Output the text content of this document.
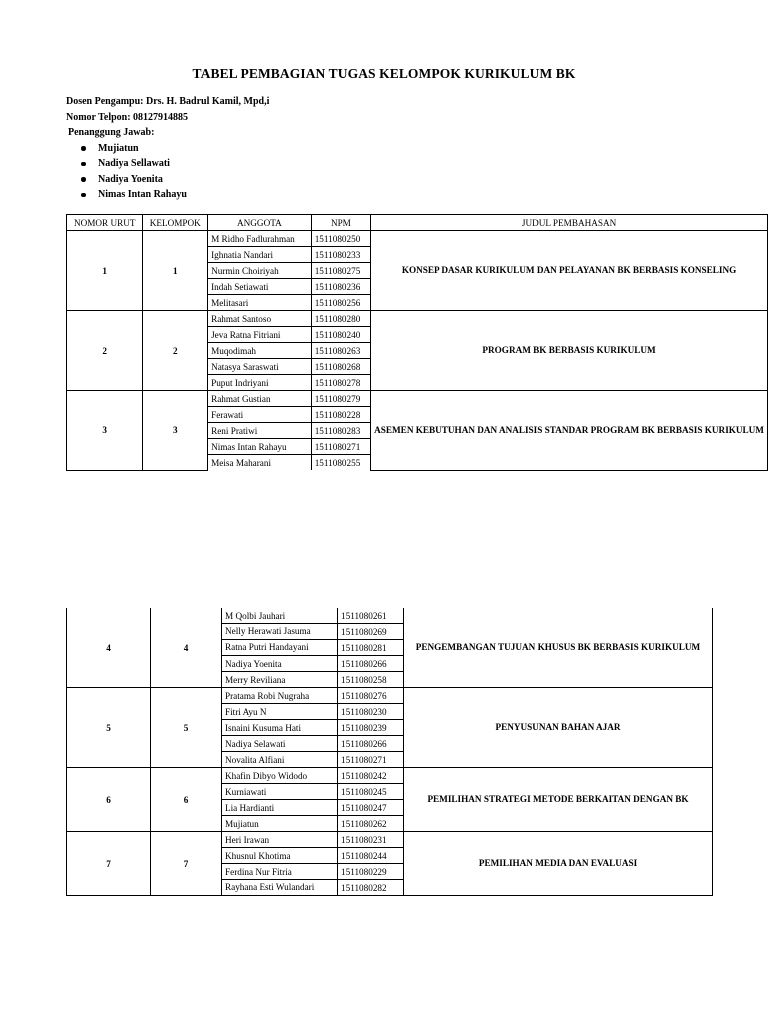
TABEL PEMBAGIAN TUGAS KELOMPOK KURIKULUM BK
Dosen Pengampu: Drs. H. Badrul Kamil, Mpd,i
Nomor Telpon: 08127914885
Penanggung Jawab:
Mujiatun
Nadiya Sellawati
Nadiya Yoenita
Nimas Intan Rahayu
NOMOR URUT	KELOMPOK	ANGGOTA	NPM	JUDUL PEMBAHASAN
1	1	M Ridho Fadlurahman	1511080250	KONSEP DASAR KURIKULUM DAN PELAYANAN BK BERBASIS KONSELING
		Ighnatia Nandari	1511080233	
		Nurmin Choiriyah	1511080275	
		Indah Setiawati	1511080236	
		Melitasari	1511080256	
2	2	Rahmat Santoso	1511080280	PROGRAM BK BERBASIS KURIKULUM
		Jeva Ratna Fitriani	1511080240	
		Muqodimah	1511080263	
		Natasya Saraswati	1511080268	
		Puput Indriyani	1511080278	
3	3	Rahmat Gustian	1511080279	ASEMEN KEBUTUHAN DAN ANALISIS STANDAR PROGRAM BK BERBASIS KURIKULUM
		Ferawati	1511080228	
		Reni Pratiwi	1511080283	
		Nimas Intan Rahayu	1511080271	
		Meisa Maharani	1511080255	
4	4	M Qolbi Jauhari	1511080261	PENGEMBANGAN TUJUAN KHUSUS BK BERBASIS KURIKULUM
		Nelly Herawati Jasuma	1511080269	
		Ratna Putri Handayani	1511080281	
		Nadiya Yoenita	1511080266	
		Merry Reviliana	1511080258	
5	5	Pratama Robi Nugraha	1511080276	PENYUSUNAN BAHAN AJAR
		Fitri Ayu N	1511080230	
		Isnaini Kusuma Hati	1511080239	
		Nadiya Selawati	1511080266	
		Novalita Alfiani	1511080271	
6	6	Khafin Dibyo Widodo	1511080242	PEMILIHAN STRATEGI METODE BERKAITAN DENGAN BK
		Kurniawati	1511080245	
		Lia Hardianti	1511080247	
		Mujiatun	1511080262	
7	7	Heri Irawan	1511080231	PEMILIHAN MEDIA DAN EVALUASI
		Khusnul Khotima	1511080244	
		Ferdina Nur Fitria	1511080229	
		Rayhana Esti Wulandari	1511080282	
